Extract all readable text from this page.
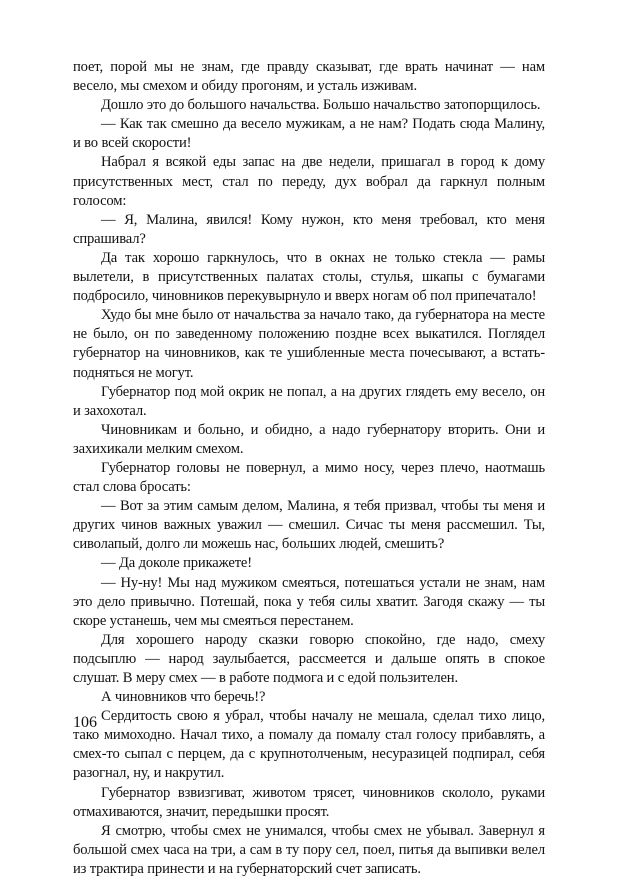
поет, порой мы не знам, где правду сказыват, где врать начинат — нам весело, мы смехом и обиду прогоням, и усталь изживам.

Дошло это до большого начальства. Большо начальство затопорщилось.

— Как так смешно да весело мужикам, а не нам? Подать сюда Малину, и во всей скорости!

Набрал я всякой еды запас на две недели, пришагал в город к дому присутственных мест, стал по переду, дух вобрал да гаркнул полным голосом:

— Я, Малина, явился! Кому нужон, кто меня требовал, кто меня спрашивал?

Да так хорошо гаркнулось, что в окнах не только стекла — рамы вылетели, в присутственных палатах столы, стулья, шкапы с бумагами подбросило, чиновников перекувырнуло и вверх ногам об пол припечатало!

Худо бы мне было от начальства за начало тако, да губернатора на месте не было, он по заведенному положению поздне всех выкатился. Поглядел губернатор на чиновников, как те ушибленные места почесывают, а встать-подняться не могут.

Губернатор под мой окрик не попал, а на других глядеть ему весело, он и захохотал.

Чиновникам и больно, и обидно, а надо губернатору вторить. Они и захихикали мелким смехом.

Губернатор головы не повернул, а мимо носу, через плечо, наотмашь стал слова бросать:

— Вот за этим самым делом, Малина, я тебя призвал, чтобы ты меня и других чинов важных уважил — смешил. Сичас ты меня рассмешил. Ты, сиволапый, долго ли можешь нас, больших людей, смешить?

— Да доколе прикажете!

— Ну-ну! Мы над мужиком смеяться, потешаться устали не знам, нам это дело привычно. Потешай, пока у тебя силы хватит. Загодя скажу — ты скоре устанешь, чем мы смеяться перестанем.

Для хорошего народу сказки говорю спокойно, где надо, смеху подсыплю — народ заулыбается, рассмеется и дальше опять в спокое слушат. В меру смех — в работе подмога и с едой пользителен.

А чиновников что беречь!?

Сердитость свою я убрал, чтобы началу не мешала, сделал тихо лицо, тако мимоходно. Начал тихо, а помалу да помалу стал голосу прибавлять, а смех-то сыпал с перцем, да с крупнотолченым, несуразицей подпирал, себя разогнал, ну, и накрутил.

Губернатор взвизгиват, животом трясет, чиновников скололо, руками отмахиваются, значит, передышки просят.

Я смотрю, чтобы смех не унимался, чтобы смех не убывал. Завернул я большой смех часа на три, а сам в ту пору сел, поел, питья да выпивки велел из трактира принести и на губернаторский счет записать.

106
